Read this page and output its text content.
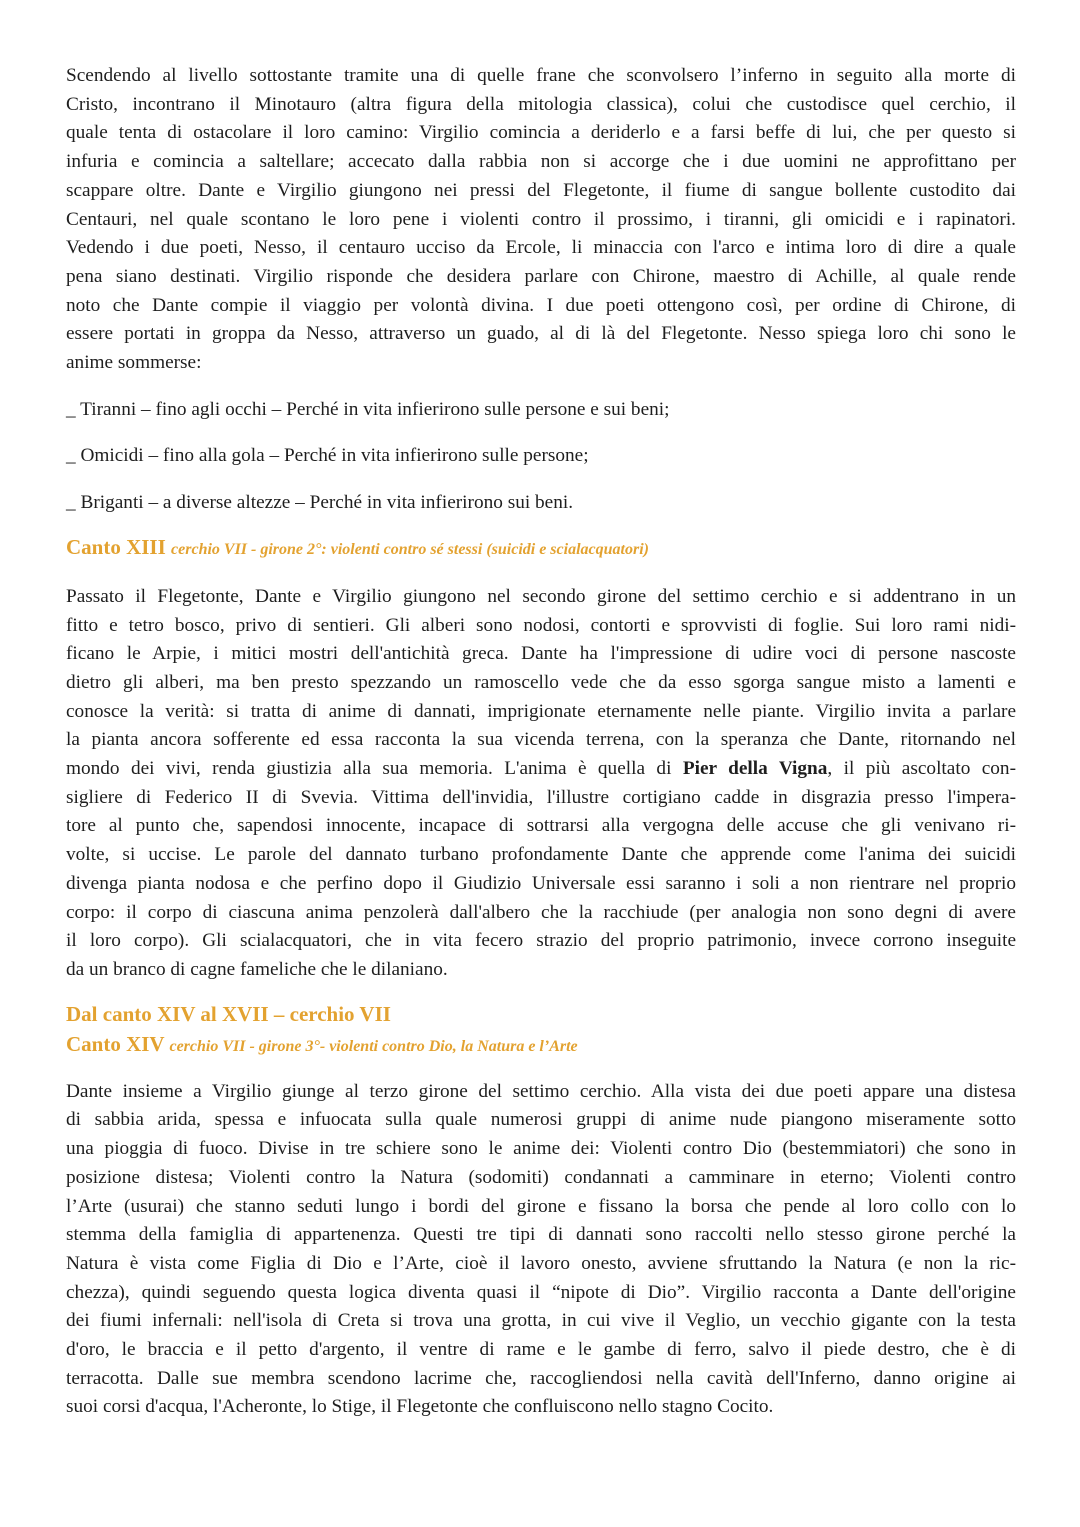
Scendendo al livello sottostante tramite una di quelle frane che sconvolsero l’inferno in seguito alla morte di

Cristo, incontrano il Minotauro (altra figura della mitologia classica), colui che custodisce quel cerchio, il

quale tenta di ostacolare il loro camino: Virgilio comincia a deriderlo e a farsi beffe di lui, che per questo si

infuria e comincia a saltellare; accecato dalla rabbia non si accorge che i due uomini ne approfittano per

scappare oltre. Dante e Virgilio giungono nei pressi del Flegetonte, il fiume di sangue bollente custodito dai

Centauri, nel quale scontano le loro pene i violenti contro il prossimo, i tiranni, gli omicidi e i rapinatori.

Vedendo i due poeti, Nesso, il centauro ucciso da Ercole, li minaccia con l'arco e intima loro di dire a quale

pena siano destinati. Virgilio risponde che desidera parlare con Chirone, maestro di Achille, al quale rende

noto che Dante compie il viaggio per volontà divina. I due poeti ottengono così, per ordine di Chirone, di

essere portati in groppa da Nesso, attraverso un guado, al di là del Flegetonte. Nesso spiega loro chi sono le

anime sommerse:

_ Tiranni – fino agli occhi – Perché in vita infierirono sulle persone e sui beni;

_ Omicidi – fino alla gola – Perché in vita infierirono sulle persone;

_ Briganti – a diverse altezze – Perché in vita infierirono sui beni.

Canto XIII cerchio VII - girone 2°: violenti contro sé stessi (suicidi e scialacquatori)

Passato il Flegetonte, Dante e Virgilio giungono nel secondo girone del settimo cerchio e si addentrano in un

fitto e tetro bosco, privo di sentieri. Gli alberi sono nodosi, contorti e sprovvisti di foglie. Sui loro rami nidi-

ficano le Arpie, i mitici mostri dell'antichità greca. Dante ha l'impressione di udire voci di persone nascoste

dietro gli alberi, ma ben presto spezzando un ramoscello vede che da esso sgorga sangue misto a lamenti e

conosce la verità: si tratta di anime di dannati, imprigionate eternamente nelle piante. Virgilio invita a parlare

la pianta ancora sofferente ed essa racconta la sua vicenda terrena, con la speranza che Dante, ritornando nel

mondo dei vivi, renda giustizia alla sua memoria. L'anima è quella di Pier della Vigna, il più ascoltato con-

sigliere di Federico II di Svevia. Vittima dell'invidia, l'illustre cortigiano cadde in disgrazia presso l'impera-

tore al punto che, sapendosi innocente, incapace di sottrarsi alla vergogna delle accuse che gli venivano ri-

volte, si uccise. Le parole del dannato turbano profondamente Dante che apprende come l'anima dei suicidi

divenga pianta nodosa e che perfino dopo il Giudizio Universale essi saranno i soli a non rientrare nel proprio

corpo: il corpo di ciascuna anima penzolerà dall'albero che la racchiude (per analogia non sono degni di avere

il loro corpo). Gli scialacquatori, che in vita fecero strazio del proprio patrimonio, invece corrono inseguite

da un branco di cagne fameliche che le dilaniano.

Dal canto XIV al XVII – cerchio VII
Canto XIV cerchio VII - girone 3°- violenti contro Dio, la Natura e l’Arte

Dante insieme a Virgilio giunge al terzo girone del settimo cerchio. Alla vista dei due poeti appare una distesa

di sabbia arida, spessa e infuocata sulla quale numerosi gruppi di anime nude piangono miseramente sotto

una pioggia di fuoco. Divise in tre schiere sono le anime dei: Violenti contro Dio (bestemmiatori) che sono in

posizione distesa; Violenti contro la Natura (sodomiti) condannati a camminare in eterno; Violenti contro

l’Arte (usurai) che stanno seduti lungo i bordi del girone e fissano la borsa che pende al loro collo con lo

stemma della famiglia di appartenenza. Questi tre tipi di dannati sono raccolti nello stesso girone perché la

Natura è vista come Figlia di Dio e l’Arte, cioè il lavoro onesto, avviene sfruttando la Natura (e non la ric-

chezza), quindi seguendo questa logica diventa quasi il “nipote di Dio”. Virgilio racconta a Dante dell'origine

dei fiumi infernali: nell'isola di Creta si trova una grotta, in cui vive il Veglio, un vecchio gigante con la testa

d'oro, le braccia e il petto d'argento, il ventre di rame e le gambe di ferro, salvo il piede destro, che è di

terracotta. Dalle sue membra scendono lacrime che, raccogliendosi nella cavità dell'Inferno, danno origine ai

suoi corsi d'acqua, l'Acheronte, lo Stige, il Flegetonte che confluiscono nello stagno Cocito.
